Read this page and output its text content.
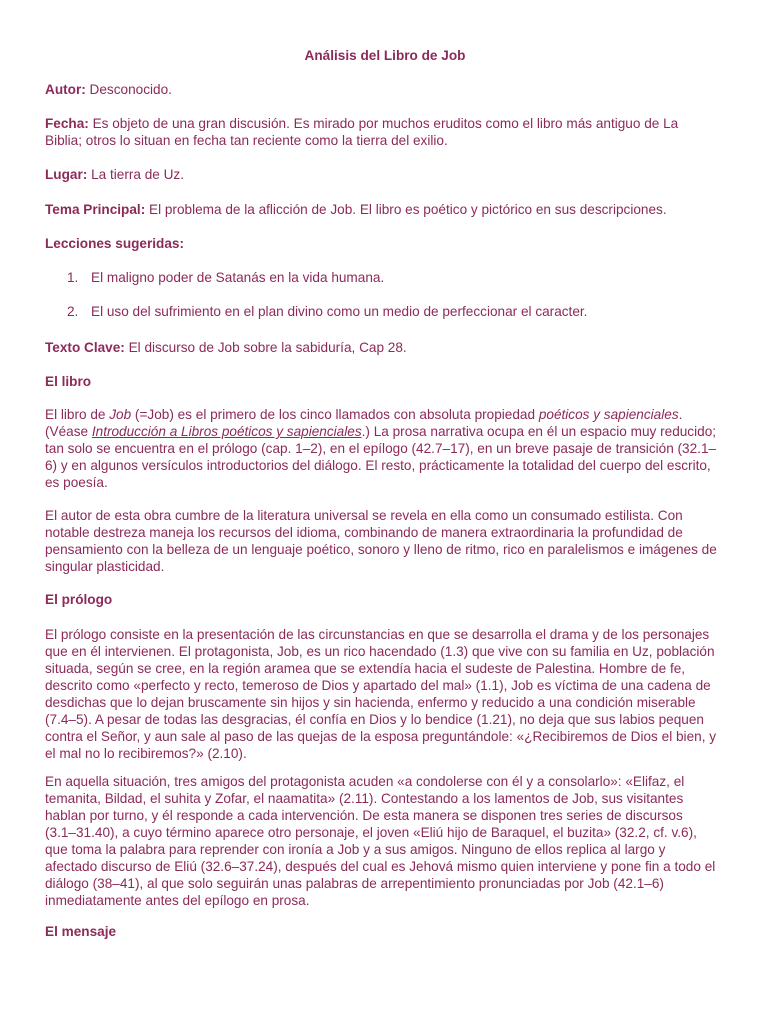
Análisis del Libro de Job

Autor: Desconocido.

Fecha: Es objeto de una gran discusión. Es mirado por muchos eruditos como el libro más antiguo de La Biblia; otros lo situan en fecha tan reciente como la tierra del exilio.

Lugar: La tierra de Uz.

Tema Principal: El problema de la aflicción de Job. El libro es poético y pictórico en sus descripciones.

Lecciones sugeridas:

1. El maligno poder de Satanás en la vida humana.
2. El uso del sufrimiento en el plan divino como un medio de perfeccionar el caracter.

Texto Clave: El discurso de Job sobre la sabiduría, Cap 28.

El libro

El libro de Job (=Job) es el primero de los cinco llamados con absoluta propiedad poéticos y sapienciales. (Véase Introducción a Libros poéticos y sapienciales.) La prosa narrativa ocupa en él un espacio muy reducido; tan solo se encuentra en el prólogo (cap. 1–2), en el epílogo (42.7–17), en un breve pasaje de transición (32.1–6) y en algunos versículos introductorios del diálogo. El resto, prácticamente la totalidad del cuerpo del escrito, es poesía.

El autor de esta obra cumbre de la literatura universal se revela en ella como un consumado estilista. Con notable destreza maneja los recursos del idioma, combinando de manera extraordinaria la profundidad de pensamiento con la belleza de un lenguaje poético, sonoro y lleno de ritmo, rico en paralelismos e imágenes de singular plasticidad.

El prólogo

El prólogo consiste en la presentación de las circunstancias en que se desarrolla el drama y de los personajes que en él intervienen. El protagonista, Job, es un rico hacendado (1.3) que vive con su familia en Uz, población situada, según se cree, en la región aramea que se extendía hacia el sudeste de Palestina. Hombre de fe, descrito como «perfecto y recto, temeroso de Dios y apartado del mal» (1.1), Job es víctima de una cadena de desdichas que lo dejan bruscamente sin hijos y sin hacienda, enfermo y reducido a una condición miserable (7.4–5). A pesar de todas las desgracias, él confía en Dios y lo bendice (1.21), no deja que sus labios pequen contra el Señor, y aun sale al paso de las quejas de la esposa preguntándole: «¿Recibiremos de Dios el bien, y el mal no lo recibiremos?» (2.10).

En aquella situación, tres amigos del protagonista acuden «a condolerse con él y a consolarlo»: «Elifaz, el temanita, Bildad, el suhita y Zofar, el naamatita» (2.11). Contestando a los lamentos de Job, sus visitantes hablan por turno, y él responde a cada intervención. De esta manera se disponen tres series de discursos (3.1–31.40), a cuyo término aparece otro personaje, el joven «Eliú hijo de Baraquel, el buzita» (32.2, cf. v.6), que toma la palabra para reprender con ironía a Job y a sus amigos. Ninguno de ellos replica al largo y afectado discurso de Eliú (32.6–37.24), después del cual es Jehová mismo quien interviene y pone fin a todo el diálogo (38–41), al que solo seguirán unas palabras de arrepentimiento pronunciadas por Job (42.1–6) inmediatamente antes del epílogo en prosa.

El mensaje
